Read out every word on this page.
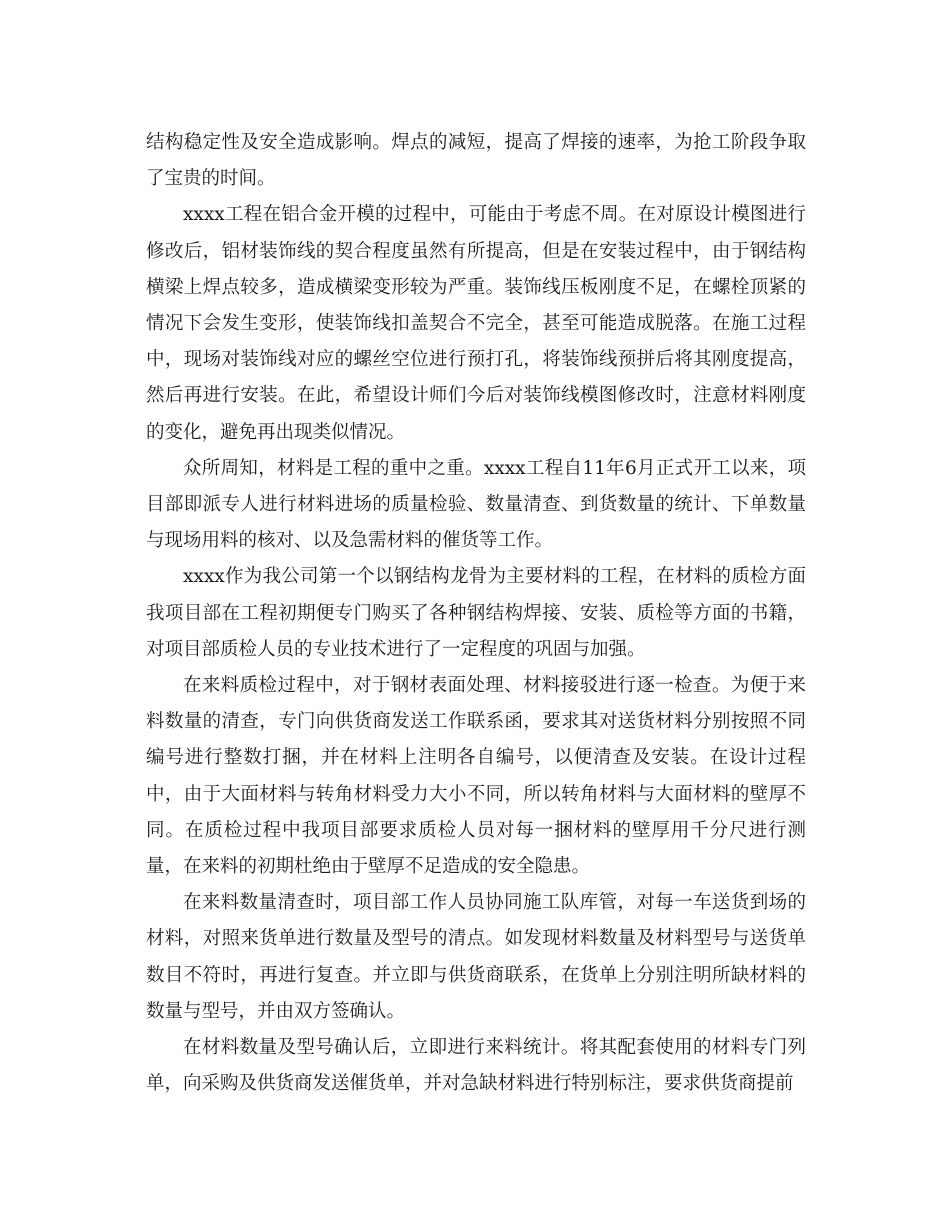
结构稳定性及安全造成影响。焊点的减短，提高了焊接的速率，为抢工阶段争取了宝贵的时间。

xxxx工程在铝合金开模的过程中，可能由于考虑不周。在对原设计模图进行修改后，铝材装饰线的契合程度虽然有所提高，但是在安装过程中，由于钢结构横梁上焊点较多，造成横梁变形较为严重。装饰线压板刚度不足，在螺栓顶紧的情况下会发生变形，使装饰线扣盖契合不完全，甚至可能造成脱落。在施工过程中，现场对装饰线对应的螺丝空位进行预打孔，将装饰线预拼后将其刚度提高，然后再进行安装。在此，希望设计师们今后对装饰线模图修改时，注意材料刚度的变化，避免再出现类似情况。

众所周知，材料是工程的重中之重。xxxx工程自11年6月正式开工以来，项目部即派专人进行材料进场的质量检验、数量清查、到货数量的统计、下单数量与现场用料的核对、以及急需材料的催货等工作。

xxxx作为我公司第一个以钢结构龙骨为主要材料的工程，在材料的质检方面我项目部在工程初期便专门购买了各种钢结构焊接、安装、质检等方面的书籍，对项目部质检人员的专业技术进行了一定程度的巩固与加强。

在来料质检过程中，对于钢材表面处理、材料接驳进行逐一检查。为便于来料数量的清查，专门向供货商发送工作联系函，要求其对送货材料分别按照不同编号进行整数打捆，并在材料上注明各自编号，以便清查及安装。在设计过程中，由于大面材料与转角材料受力大小不同，所以转角材料与大面材料的壁厚不同。在质检过程中我项目部要求质检人员对每一捆材料的壁厚用千分尺进行测量，在来料的初期杜绝由于壁厚不足造成的安全隐患。

在来料数量清查时，项目部工作人员协同施工队库管，对每一车送货到场的材料，对照来货单进行数量及型号的清点。如发现材料数量及材料型号与送货单数目不符时，再进行复查。并立即与供货商联系，在货单上分别注明所缺材料的数量与型号，并由双方签确认。

在材料数量及型号确认后，立即进行来料统计。将其配套使用的材料专门列单，向采购及供货商发送催货单，并对急缺材料进行特别标注，要求供货商提前
